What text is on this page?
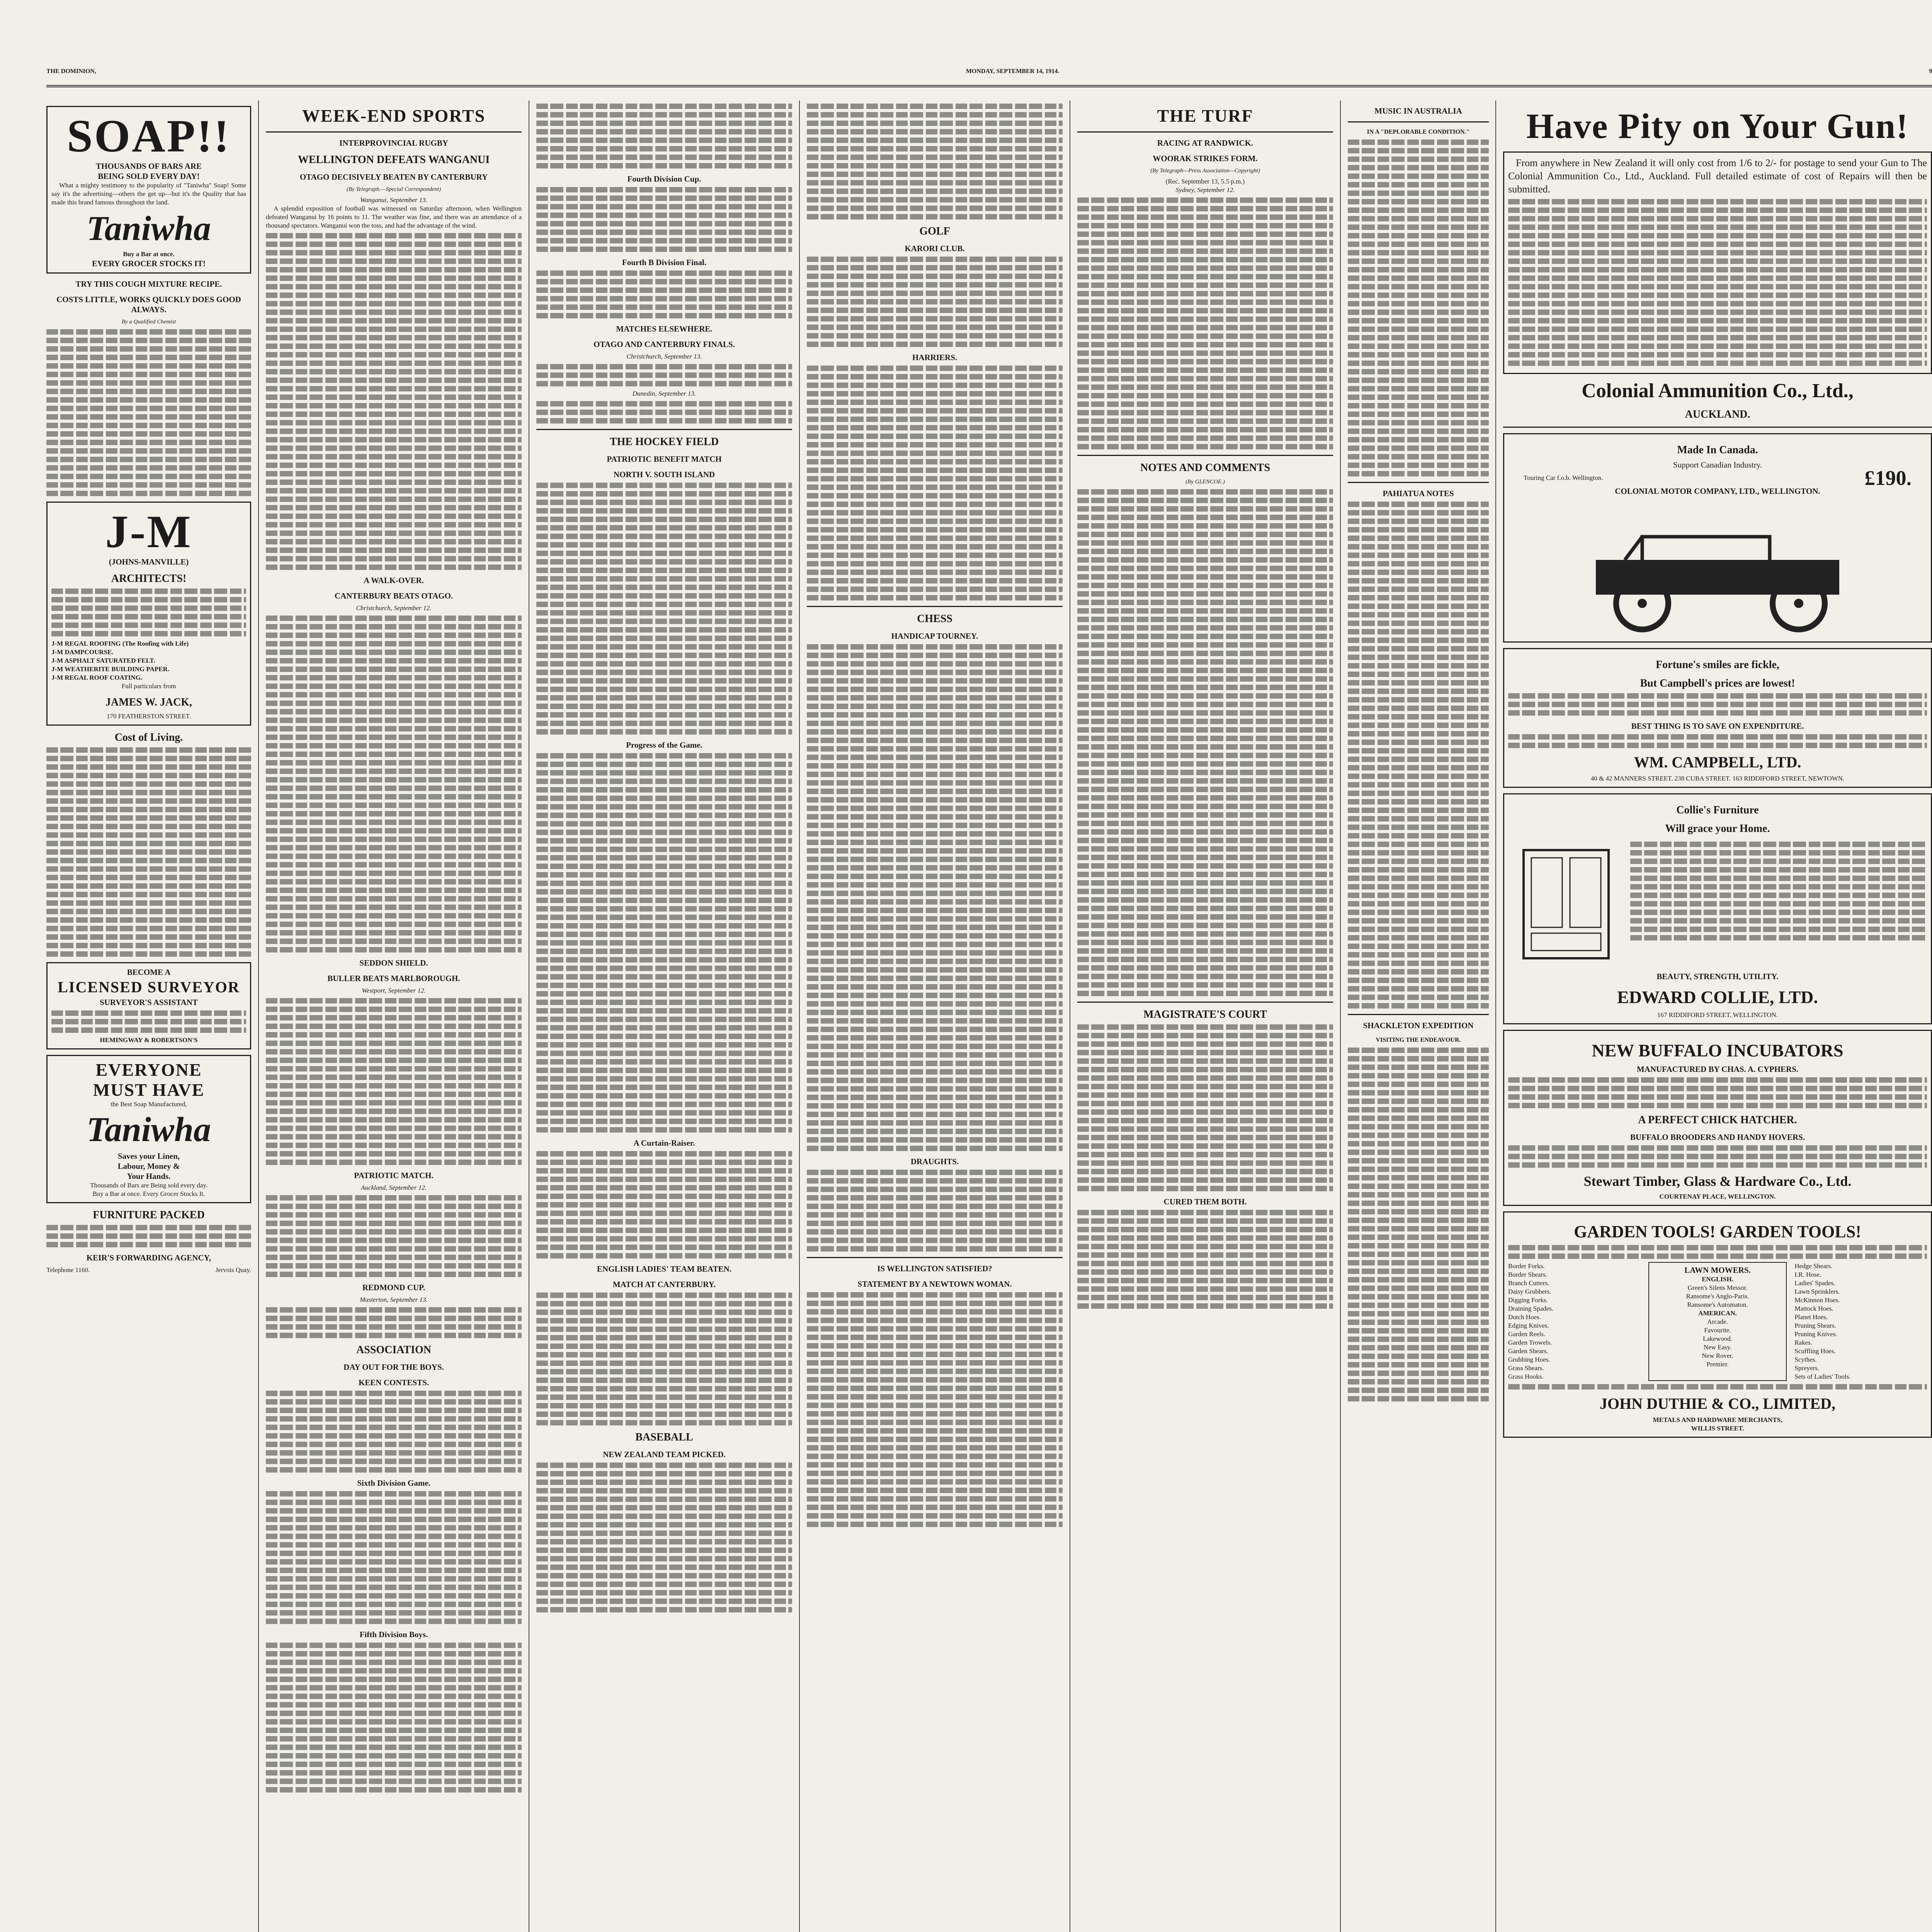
THE DOMINION,	MONDAY, SEPTEMBER 14, 1914.	9
SOAP!!
THOUSANDS OF BARS ARE
BEING SOLD EVERY DAY!

What a mighty testimony to the popularity of "Taniwha" Soap! Some say it's the advertising—others the get up—but it's the Quality that has made this brand famous throughout the land.

Taniwha
Buy a Bar at once.
EVERY GROCER STOCKS IT!
TRY THIS COUGH MIXTURE RECIPE.
COSTS LITTLE, WORKS QUICKLY DOES GOOD ALWAYS.
By a Qualified Chemist
J-M
(JOHNS-MANVILLE)
ARCHITECTS!
J-M REGAL ROOFING (The Roofing with Life)
J-M DAMPCOURSE.
J-M ASPHALT SATURATED FELT.
J-M WEATHERITE BUILDING PAPER.
J-M REGAL ROOF COATING.
Full particulars from
JAMES W. JACK,
170 FEATHERSTON STREET.
Cost of Living.
BECOME A
LICENSED SURVEYOR
SURVEYOR'S ASSISTANT
HEMINGWAY & ROBERTSON'S
EVERYONE
MUST HAVE
the Best Soap Manufactured,
Taniwha
Saves your Linen,
Labour, Money &
Your Hands.
Thousands of Bars are Being sold every day.
Buy a Bar at once. Every Grocer Stocks It.
FURNITURE PACKED
KEIR'S FORWARDING AGENCY,
Telephone 1160.	Jervois Quay.
WEEK-END SPORTS
INTERPROVINCIAL RUGBY
WELLINGTON DEFEATS WANGANUI
OTAGO DECISIVELY BEATEN BY CANTERBURY
(By Telegraph.—Special Correspondent)
Wanganui, September 13.

A splendid exposition of football was witnessed on Saturday afternoon, when Wellington defeated Wanganui by 16 points to 11. The weather was fine, and there was an attendance of a thousand spectators. Wanganui won the toss, and had the advantage of the wind.

A WALK-OVER.
CANTERBURY BEATS OTAGO.
Christchurch, September 12.
SEDDON SHIELD.
BULLER BEATS MARLBOROUGH.
Westport, September 12.
PATRIOTIC MATCH.
Auckland, September 12.
REDMOND CUP.
Masterton, September 13.
ASSOCIATION
DAY OUT FOR THE BOYS.
KEEN CONTESTS.
Sixth Division Game.
Fifth Division Boys.
Fourth Division Cup.
Fourth B Division Final.
MATCHES ELSEWHERE.
OTAGO AND CANTERBURY FINALS.
Christchurch, September 13.
Dunedin, September 13.
THE HOCKEY FIELD
PATRIOTIC BENEFIT MATCH
NORTH V. SOUTH ISLAND
Progress of the Game.
A Curtain-Raiser.
ENGLISH LADIES' TEAM BEATEN.
MATCH AT CANTERBURY.
BASEBALL
NEW ZEALAND TEAM PICKED.
GOLF
KARORI CLUB.
HARRIERS.
CHESS
HANDICAP TOURNEY.
DRAUGHTS.
IS WELLINGTON SATISFIED?
STATEMENT BY A NEWTOWN WOMAN.
THE TURF
RACING AT RANDWICK.
WOORAK STRIKES FORM.
(By Telegraph—Press Association—Copyright)
(Rec. September 13, 5.5 p.m.)
Sydney, September 12.
NOTES AND COMMENTS
(By GLENCOE.)
MAGISTRATE'S COURT
CURED THEM BOTH.
MUSIC IN AUSTRALIA
IN A "DEPLORABLE CONDITION."
PAHIATUA NOTES
SHACKLETON EXPEDITION
VISITING THE ENDEAVOUR.
Have Pity on Your Gun!

From anywhere in New Zealand it will only cost from 1/6 to 2/- for postage to send your Gun to The Colonial Ammunition Co., Ltd., Auckland. Full detailed estimate of cost of Repairs will then be submitted.

Colonial Ammunition Co., Ltd.,
AUCKLAND.
Made In Canada.
Support Canadian Industry.
Touring Car f.o.b. Wellington.	£190.
COLONIAL MOTOR COMPANY, LTD., WELLINGTON.
Fortune's smiles are fickle,
But Campbell's prices are lowest!
BEST THING IS TO SAVE ON EXPENDITURE.
WM. CAMPBELL, LTD.
40 & 42 MANNERS STREET. 238 CUBA STREET. 163 RIDDIFORD STREET, NEWTOWN.
Collie's Furniture
Will grace your Home.
BEAUTY, STRENGTH, UTILITY.
EDWARD COLLIE, LTD.
167 RIDDIFORD STREET, WELLINGTON.
NEW BUFFALO INCUBATORS
MANUFACTURED BY CHAS. A. CYPHERS.
A PERFECT CHICK HATCHER.
BUFFALO BROODERS AND HANDY HOVERS.
Stewart Timber, Glass & Hardware Co., Ltd.
COURTENAY PLACE, WELLINGTON.
GARDEN TOOLS! GARDEN TOOLS!
Border Forks.
Border Shears.
Branch Cutters.
Daisy Grubbers.
Digging Forks.
Draining Spades.
Dutch Hoes.
Edging Knives.
Garden Reels.
Garden Trowels.
Garden Shears.
Grubbing Hoes.
Grass Shears.
Grass Hooks.
LAWN MOWERS.
ENGLISH.
Green's Silens Messor.
Ransome's Anglo-Paris.
Ransome's Automaton.
AMERICAN.
Arcade.
Favourite.
Lakewood.
New Easy.
New Rover.
Premier.
Hedge Shears.
I.R. Hose.
Ladies' Spades.
Lawn Sprinklers.
McKinnon Hoes.
Mattock Hoes.
Planet Hoes.
Pruning Shears.
Pruning Knives.
Rakes.
Scuffling Hoes.
Scythes.
Spreyers.
Sets of Ladies' Tools.
JOHN DUTHIE & CO., LIMITED,
METALS AND HARDWARE MERCHANTS,
WILLIS STREET.
